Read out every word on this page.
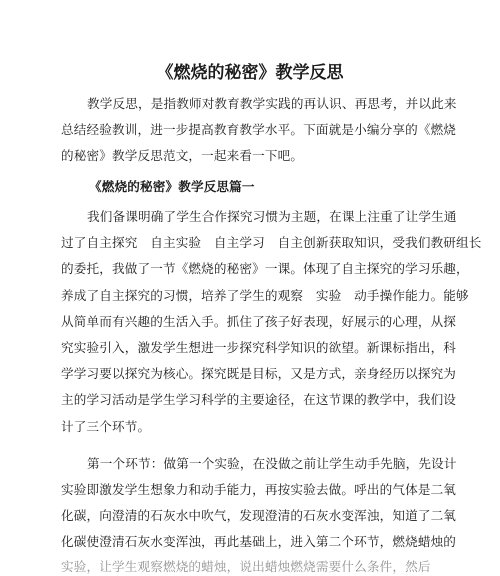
《燃烧的秘密》教学反思
教学反思，是指教师对教育教学实践的再认识、再思考，并以此来
总结经验教训，进一步提高教育教学水平。下面就是小编分享的《燃烧
的秘密》教学反思范文，一起来看一下吧。
《燃烧的秘密》教学反思篇一
我们备课明确了学生合作探究习惯为主题，在课上注重了让学生通
过了自主探究　自主实验　自主学习　自主创新获取知识，受我们教研组长
的委托，我做了一节《燃烧的秘密》一课。体现了自主探究的学习乐趣，
养成了自主探究的习惯，培养了学生的观察　实验　动手操作能力。能够
从简单而有兴趣的生活入手。抓住了孩子好表现，好展示的心理，从探
究实验引入，激发学生想进一步探究科学知识的欲望。新课标指出，科
学学习要以探究为核心。探究既是目标，又是方式，亲身经历以探究为
主的学习活动是学生学习科学的主要途径，在这节课的教学中，我们设
计了三个环节。
第一个环节：做第一个实验，在没做之前让学生动手先脑，先设计
实验即激发学生想象力和动手能力，再按实验去做。呼出的气体是二氧
化碳，向澄清的石灰水中吹气，发现澄清的石灰水变浑浊，知道了二氧
化碳使澄清石灰水变浑浊，再此基础上，进入第二个环节，燃烧蜡烛的
实验，让学生观察燃烧的蜡烛，说出蜡烛燃烧需要什么条件，然后
